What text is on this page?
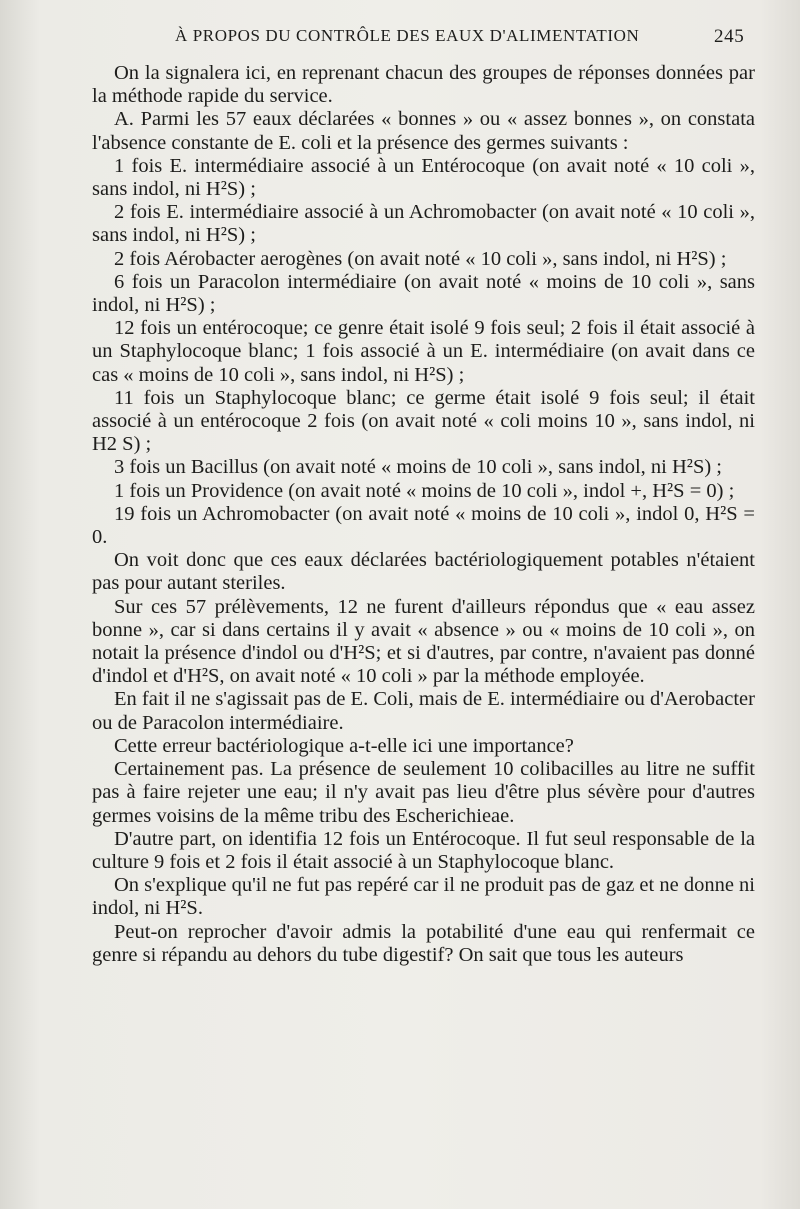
À PROPOS DU CONTRÔLE DES EAUX D'ALIMENTATION	245

On la signalera ici, en reprenant chacun des groupes de réponses données par la méthode rapide du service.

A. Parmi les 57 eaux déclarées « bonnes » ou « assez bonnes », on constata l'absence constante de E. coli et la présence des germes suivants :

1 fois E. intermédiaire associé à un Entérocoque (on avait noté « 10 coli », sans indol, ni H²S) ;

2 fois E. intermédiaire associé à un Achromobacter (on avait noté « 10 coli », sans indol, ni H²S) ;

2 fois Aérobacter aerogènes (on avait noté « 10 coli », sans indol, ni H²S) ;

6 fois un Paracolon intermédiaire (on avait noté « moins de 10 coli », sans indol, ni H²S) ;

12 fois un entérocoque; ce genre était isolé 9 fois seul; 2 fois il était associé à un Staphylocoque blanc; 1 fois associé à un E. intermédiaire (on avait dans ce cas « moins de 10 coli », sans indol, ni H²S) ;

11 fois un Staphylocoque blanc; ce germe était isolé 9 fois seul; il était associé à un entérocoque 2 fois (on avait noté « coli moins 10 », sans indol, ni H2 S) ;

3 fois un Bacillus (on avait noté « moins de 10 coli », sans indol, ni H²S) ;

1 fois un Providence (on avait noté « moins de 10 coli », indol +, H²S = 0) ;

19 fois un Achromobacter (on avait noté « moins de 10 coli », indol 0, H²S = 0.

On voit donc que ces eaux déclarées bactériologiquement potables n'étaient pas pour autant steriles.

Sur ces 57 prélèvements, 12 ne furent d'ailleurs répondus que « eau assez bonne », car si dans certains il y avait « absence » ou « moins de 10 coli », on notait la présence d'indol ou d'H²S; et si d'autres, par contre, n'avaient pas donné d'indol et d'H²S, on avait noté « 10 coli » par la méthode employée.

En fait il ne s'agissait pas de E. Coli, mais de E. intermédiaire ou d'Aerobacter ou de Paracolon intermédiaire.

Cette erreur bactériologique a-t-elle ici une importance?

Certainement pas. La présence de seulement 10 colibacilles au litre ne suffit pas à faire rejeter une eau; il n'y avait pas lieu d'être plus sévère pour d'autres germes voisins de la même tribu des Escherichieae.

D'autre part, on identifia 12 fois un Entérocoque. Il fut seul responsable de la culture 9 fois et 2 fois il était associé à un Staphylocoque blanc.

On s'explique qu'il ne fut pas repéré car il ne produit pas de gaz et ne donne ni indol, ni H²S.

Peut-on reprocher d'avoir admis la potabilité d'une eau qui renfermait ce genre si répandu au dehors du tube digestif? On sait que tous les auteurs
